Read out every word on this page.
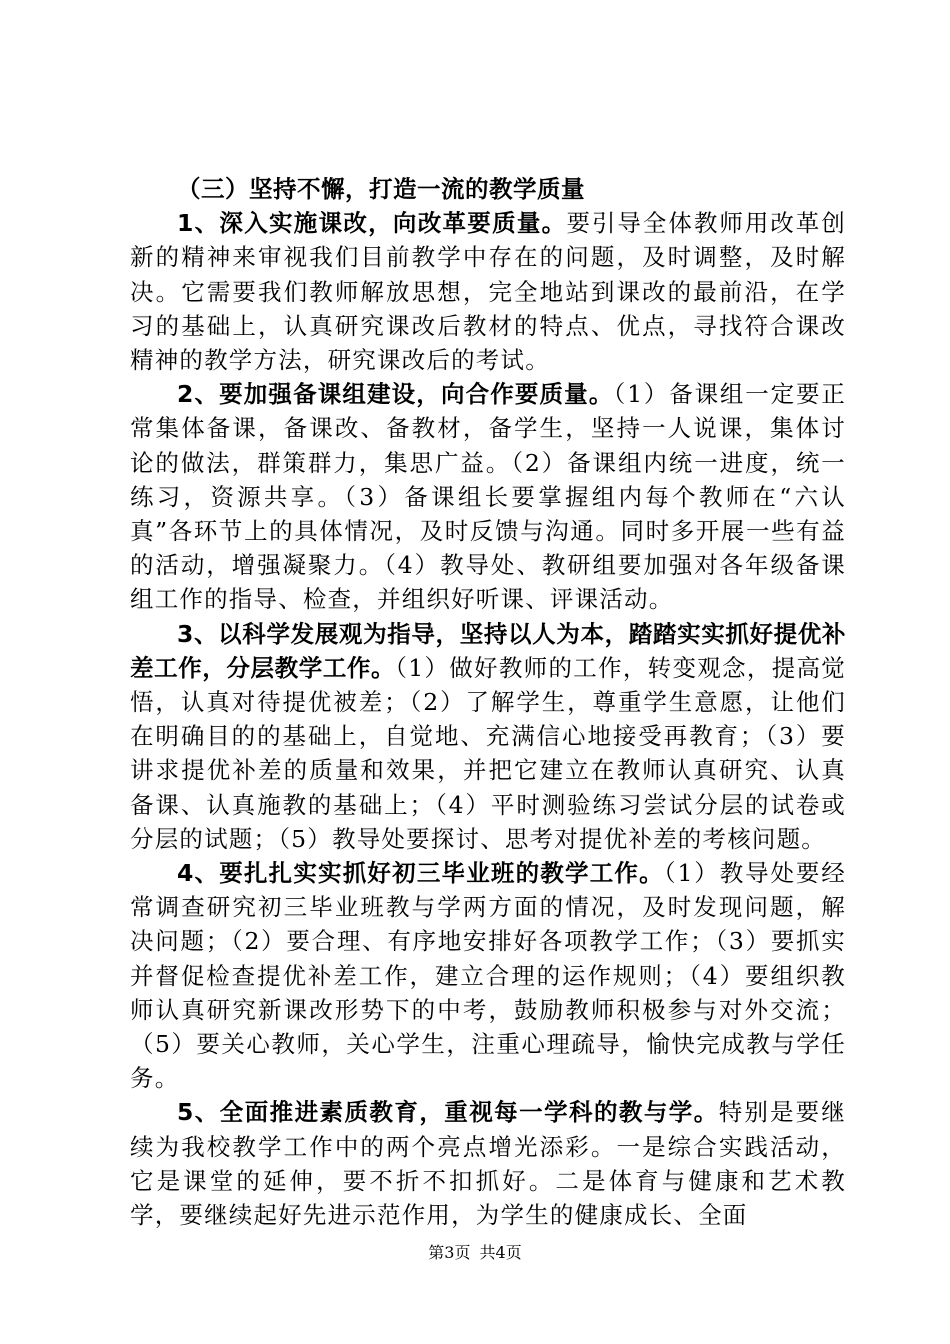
（三）坚持不懈，打造一流的教学质量

1、深入实施课改，向改革要质量。要引导全体教师用改革创新的精神来审视我们目前教学中存在的问题，及时调整，及时解决。它需要我们教师解放思想，完全地站到课改的最前沿，在学习的基础上，认真研究课改后教材的特点、优点，寻找符合课改精神的教学方法，研究课改后的考试。

2、要加强备课组建设，向合作要质量。（1）备课组一定要正常集体备课，备课改、备教材，备学生，坚持一人说课，集体讨论的做法，群策群力，集思广益。（2）备课组内统一进度，统一练习，资源共享。（3）备课组长要掌握组内每个教师在“六认真”各环节上的具体情况，及时反馈与沟通。同时多开展一些有益的活动，增强凝聚力。（4）教导处、教研组要加强对各年级备课组工作的指导、检查，并组织好听课、评课活动。

3、以科学发展观为指导，坚持以人为本，踏踏实实抓好提优补差工作，分层教学工作。（1）做好教师的工作，转变观念，提高觉悟，认真对待提优被差；（2）了解学生，尊重学生意愿，让他们在明确目的的基础上，自觉地、充满信心地接受再教育；（3）要讲求提优补差的质量和效果，并把它建立在教师认真研究、认真备课、认真施教的基础上；（4）平时测验练习尝试分层的试卷或分层的试题；（5）教导处要探讨、思考对提优补差的考核问题。

4、要扎扎实实抓好初三毕业班的教学工作。（1）教导处要经常调查研究初三毕业班教与学两方面的情况，及时发现问题，解决问题；（2）要合理、有序地安排好各项教学工作；（3）要抓实并督促检查提优补差工作，建立合理的运作规则；（4）要组织教师认真研究新课改形势下的中考，鼓励教师积极参与对外交流；（5）要关心教师，关心学生，注重心理疏导，愉快完成教与学任务。

5、全面推进素质教育，重视每一学科的教与学。特别是要继续为我校教学工作中的两个亮点增光添彩。一是综合实践活动，它是课堂的延伸，要不折不扣抓好。二是体育与健康和艺术教学，要继续起好先进示范作用，为学生的健康成长、全面

第3页 共4页
